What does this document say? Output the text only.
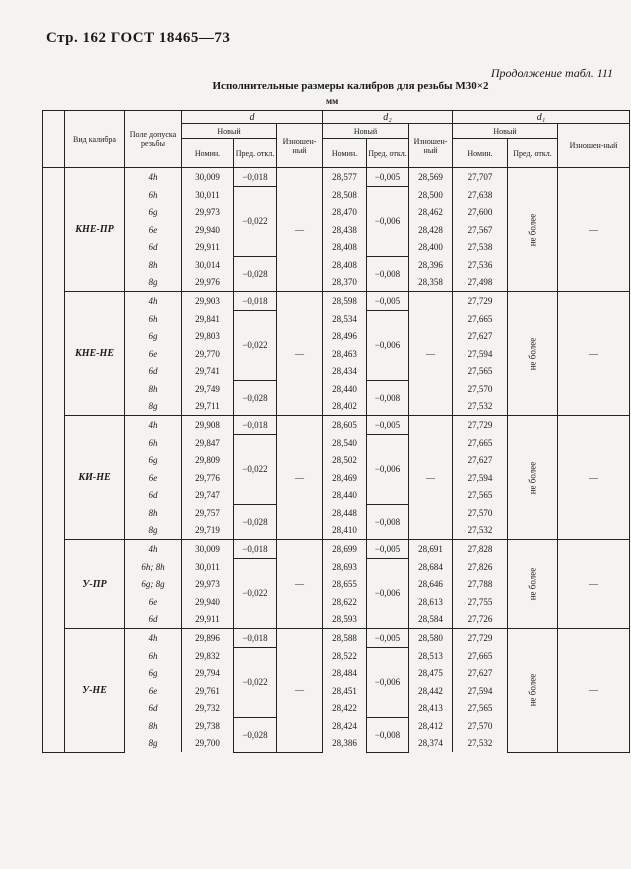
Стр. 162 ГОСТ 18465—73
Продолжение табл. 111
Исполнительные размеры калибров для резьбы М30×2
мм
	Вид калибра	Поле допуска резьбы	d			d₂			d₁		
			Новый		Изношен-ный	Новый		Изношен-ный	Новый		Изношен-ный
			Номин.	Пред. откл.		Номин.	Пред. откл.		Номин.	Пред. откл.	
	КНЕ-ПР	4h	30,009	−0,018	—	28,577	−0,005	28,569	27,707	не более	—
		6h	30,011	−0,022		28,508	−0,006	28,500	27,638		
		6g	29,973			28,470		28,462	27,600		
		6e	29,940			28,438		28,428	27,567		
		6d	29,911			28,408		28,400	27,538		
		8h	30,014	−0,028		28,408	−0,008	28,396	27,536		
		8g	29,976			28,370		28,358	27,498		
	КНЕ-НЕ	4h	29,903	−0,018	—	28,598	−0,005	—	27,729	не более	—
		6h	29,841	−0,022		28,534	−0,006		27,665		
		6g	29,803			28,496			27,627		
		6e	29,770			28,463			27,594		
		6d	29,741			28,434			27,565		
		8h	29,749	−0,028		28,440	−0,008		27,570		
		8g	29,711			28,402			27,532		
	КИ-НЕ	4h	29,908	−0,018	—	28,605	−0,005	—	27,729	не более	—
		6h	29,847	−0,022		28,540	−0,006		27,665		
		6g	29,809			28,502			27,627		
		6e	29,776			28,469			27,594		
		6d	29,747			28,440			27,565		
		8h	29,757	−0,028		28,448	−0,008		27,570		
		8g	29,719			28,410			27,532		
	У-ПР	4h	30,009	−0,018	—	28,699	−0,005	28,691	27,828	не более	—
		6h; 8h	30,011	−0,022		28,693	−0,006	28,684	27,826		
		6g; 8g	29,973			28,655		28,646	27,788		
		6e	29,940			28,622		28,613	27,755		
		6d	29,911			28,593		28,584	27,726		
	У-НЕ	4h	29,896	−0,018	—	28,588	−0,005	28,580	27,729	не более	—
		6h	29,832	−0,022		28,522	−0,006	28,513	27,665		
		6g	29,794			28,484		28,475	27,627		
		6e	29,761			28,451		28,442	27,594		
		6d	29,732			28,422		28,413	27,565		
		8h	29,738	−0,028		28,424	−0,008	28,412	27,570		
		8g	29,700			28,386		28,374	27,532		
